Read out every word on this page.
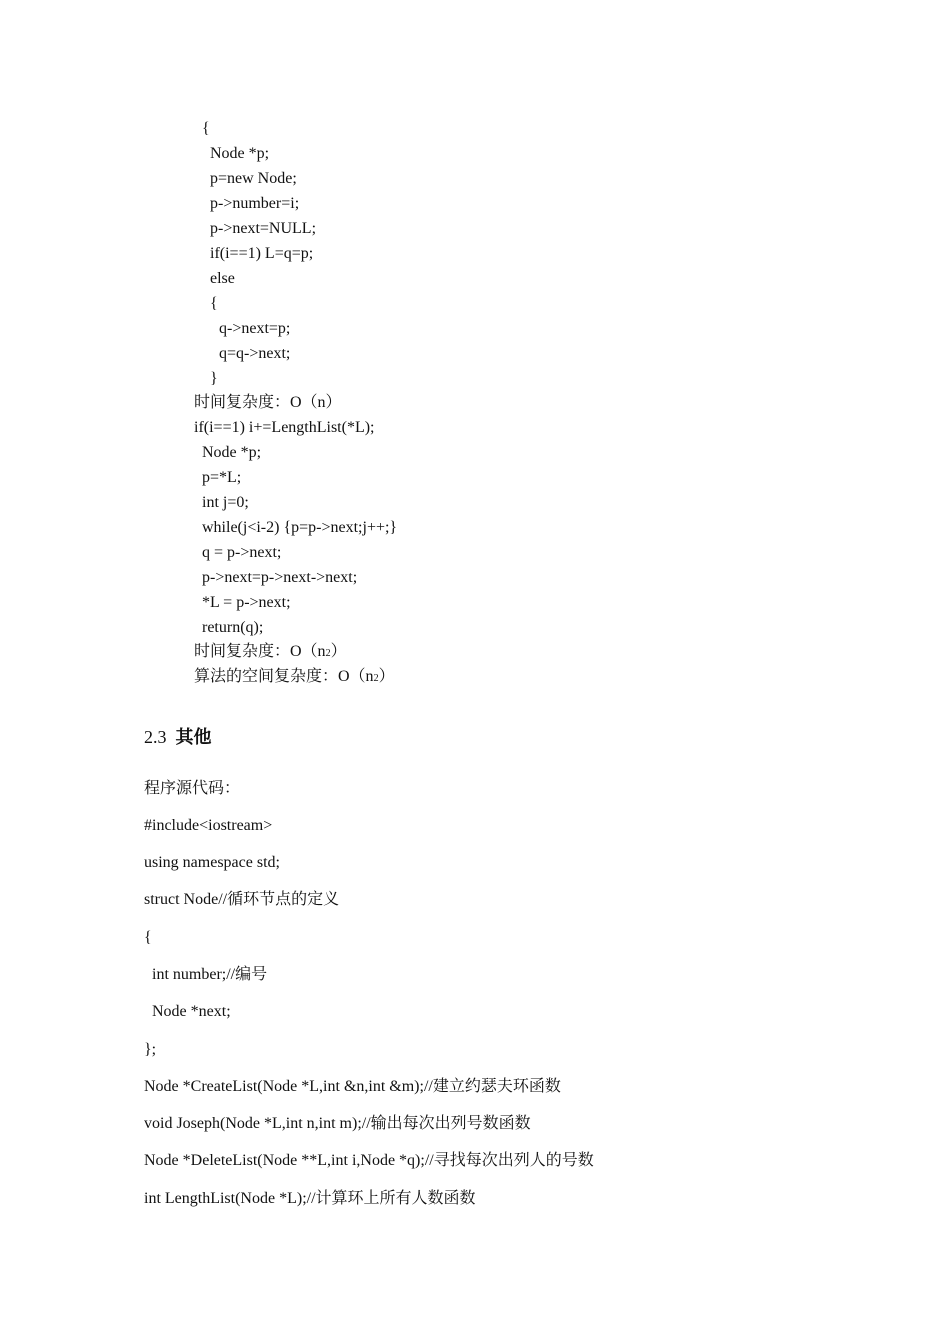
{
Node *p;
p=new Node;
p->number=i;
p->next=NULL;
if(i==1) L=q=p;
else
{
q->next=p;
q=q->next;
}
时间复杂度：O（n）
if(i==1) i+=LengthList(*L);
Node *p;
p=*L;
int j=0;
while(j<i-2) {p=p->next;j++;}
q = p->next;
p->next=p->next->next;
*L = p->next;
return(q);
时间复杂度：O（n2）
算法的空间复杂度：O（n2）
2.3 其他
程序源代码：
#include<iostream>
using namespace std;
struct Node//循环节点的定义
{
int number;//编号
Node *next;
};
Node *CreateList(Node *L,int &n,int &m);//建立约瑟夫环函数
void Joseph(Node *L,int n,int m);//输出每次出列号数函数
Node *DeleteList(Node **L,int i,Node *q);//寻找每次出列人的号数
int LengthList(Node *L);//计算环上所有人数函数
